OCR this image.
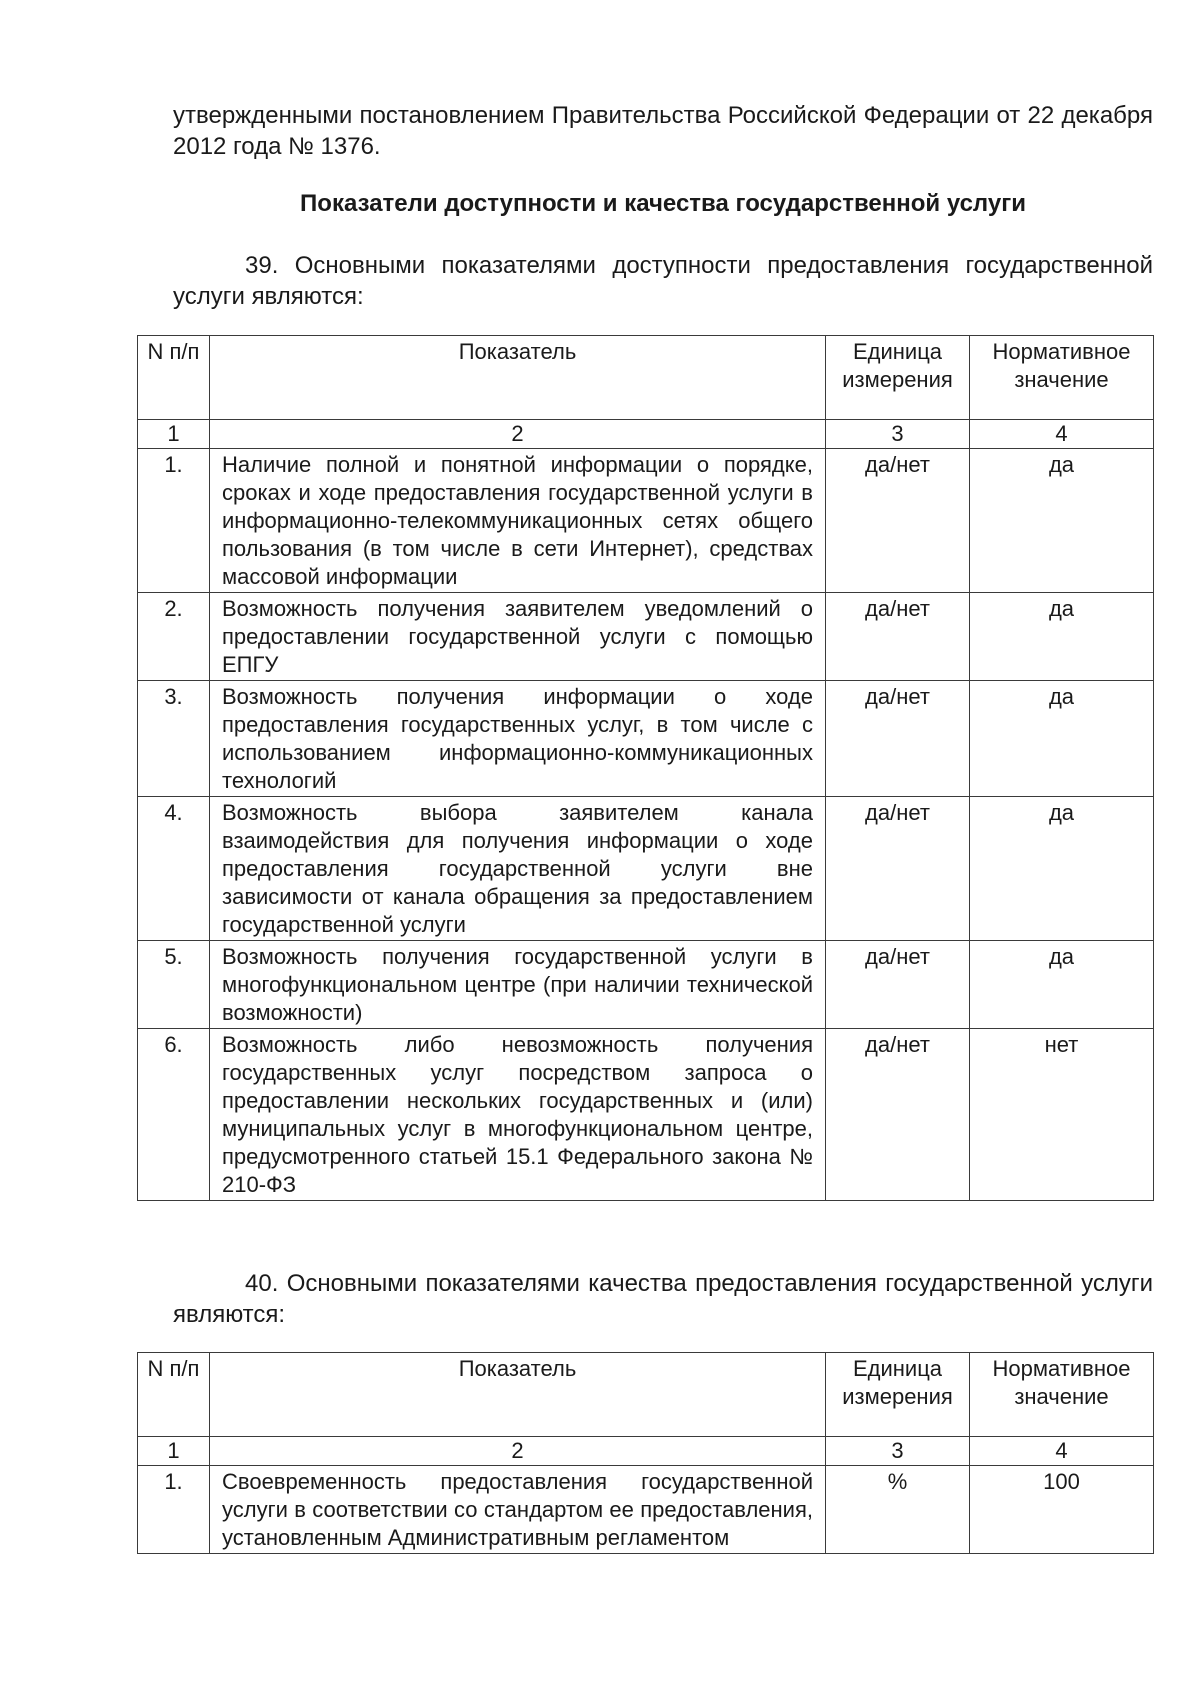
утвержденными постановлением Правительства Российской Федерации от 22 декабря 2012 года № 1376.
Показатели доступности и качества государственной услуги
39. Основными показателями доступности предоставления государственной услуги являются:
N п/п	Показатель	Единица измерения	Нормативное значение
1	2	3	4
1.	Наличие полной и понятной информации о порядке, сроках и ходе предоставления государственной услуги в информационно-телекоммуникационных сетях общего пользования (в том числе в сети Интернет), средствах массовой информации	да/нет	да
2.	Возможность получения заявителем уведомлений о предоставлении государственной услуги с помощью ЕПГУ	да/нет	да
3.	Возможность получения информации о ходе предоставления государственных услуг, в том числе с использованием информационно-коммуникационных технологий	да/нет	да
4.	Возможность выбора заявителем канала взаимодействия для получения информации о ходе предоставления государственной услуги вне зависимости от канала обращения за предоставлением государственной услуги	да/нет	да
5.	Возможность получения государственной услуги в многофункциональном центре (при наличии технической возможности)	да/нет	да
6.	Возможность либо невозможность получения государственных услуг посредством запроса о предоставлении нескольких государственных и (или) муниципальных услуг в многофункциональном центре, предусмотренного статьей 15.1 Федерального закона № 210-ФЗ	да/нет	нет
40. Основными показателями качества предоставления государственной услуги являются:
N п/п	Показатель	Единица измерения	Нормативное значение
1	2	3	4
1.	Своевременность предоставления государственной услуги в соответствии со стандартом ее предоставления, установленным Административным регламентом	%	100
